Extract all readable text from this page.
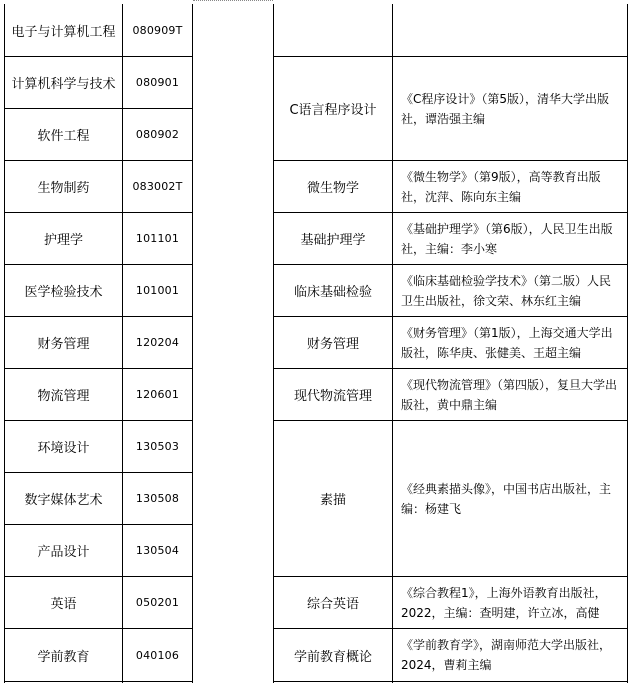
电子与计算机工程
计算机科学与技术
软件工程
生物制药
护理学
医学检验技术
财务管理
物流管理
环境设计
数字媒体艺术
产品设计
英语
学前教育
080909T
080901
080902
083002T
101101
101001
120204
120601
130503
130508
130504
050201
040106
C语言程序设计
微生物学
基础护理学
临床基础检验
财务管理
现代物流管理
素描
综合英语
学前教育概论
《C程序设计》（第5版），清华大学出版社，谭浩强主编
《微生物学》（第9版），高等教育出版社，沈萍、陈向东主编
《基础护理学》（第6版），人民卫生出版社，主编：李小寒
《临床基础检验学技术》（第二版）人民卫生出版社，徐文荣、林东红主编
《财务管理》（第1版），上海交通大学出版社，陈华庚、张健美、王超主编
《现代物流管理》（第四版），复旦大学出版社，黄中鼎主编
《经典素描头像》，中国书店出版社，主编：杨建飞
《综合教程1》，上海外语教育出版社，2022，主编：查明建，许立冰，高健
《学前教育学》，湖南师范大学出版社，2024，曹莉主编
